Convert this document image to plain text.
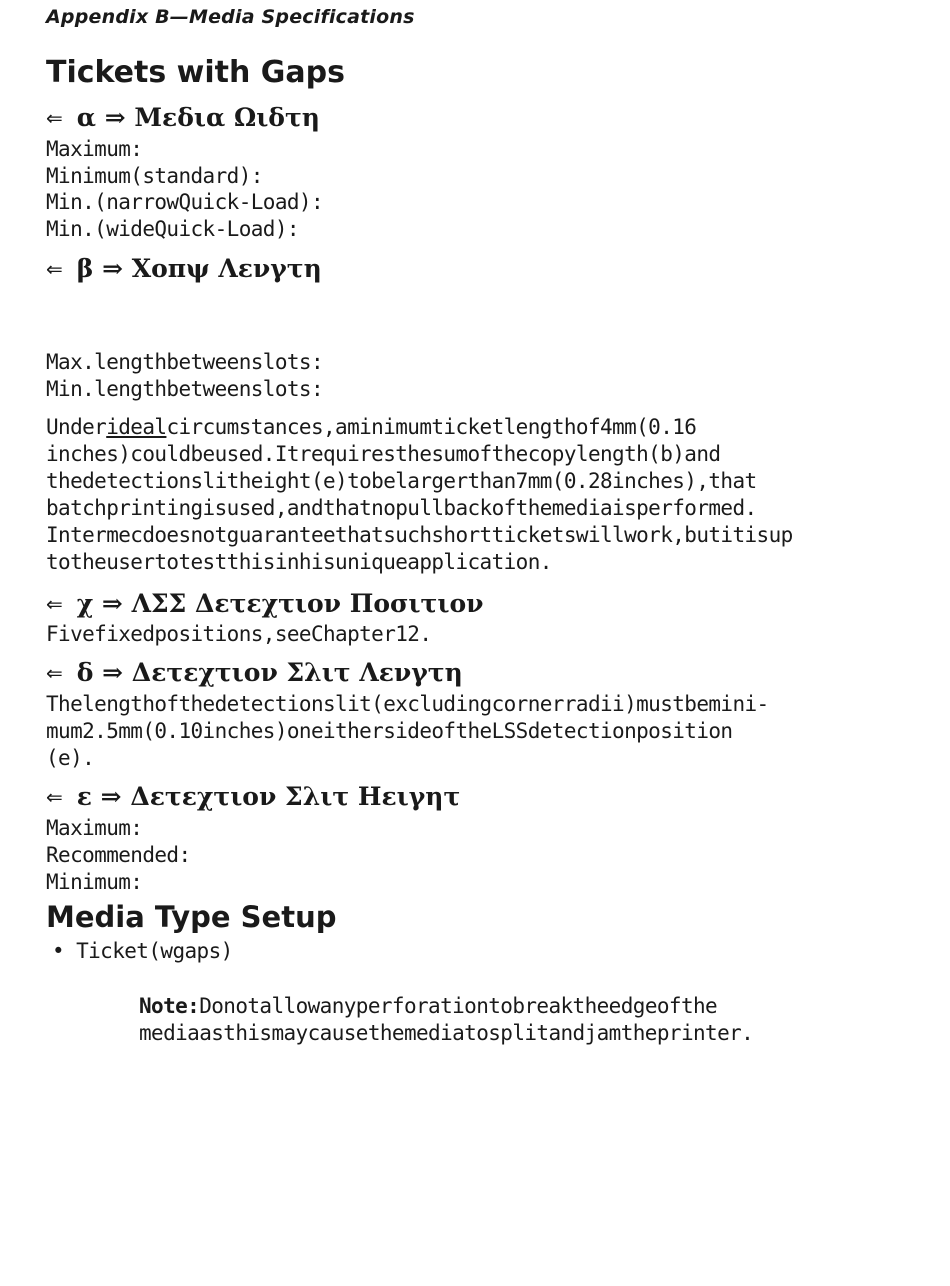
Appendix B—Media Specifications
Tickets with Gaps
⇐ α ⇒ Μεδια Ωιδτη
Maximum:
Minimum(standard):
Min.(narrowQuick-Load):
Min.(wideQuick-Load):
⇐ β ⇒ Χοπψ Λενγτη
Max.lengthbetweenslots:
Min.lengthbetweenslots:
Underidealcircumstances,aminimumticketlengthof4mm(0.16
inches)couldbeused.Itrequiresthesumofthecopylength(b)and
thedetectionslitheight(e)tobelargerthan7mm(0.28inches),that
batchprintingisused,andthatnopullbackofthemediaisperformed.
Intermecdoesnotguaranteethatsuchshortticketswillwork,butitisup
totheusertotestthisinhisuniqueapplication.
⇐ χ ⇒ ΛΣΣ Δετεχτιον Ποσιτιον
Fivefixedpositions,seeChapter12.
⇐ δ ⇒ Δετεχτιον Σλιτ Λενγτη
Thelengthofthedetectionslit(excludingcornerradii)mustbemini-
mum2.5mm(0.10inches)oneithersideoftheLSSdetectionposition
(e).
⇐ ε ⇒ Δετεχτιον Σλιτ Ηειγητ
Maximum:
Recommended:
Minimum:
Media Type Setup
• Ticket(wgaps)
Note:Donotallowanyperforationtobreaktheedgeofthe
mediaasthismaycausethemediatosplitandjamtheprinter.
